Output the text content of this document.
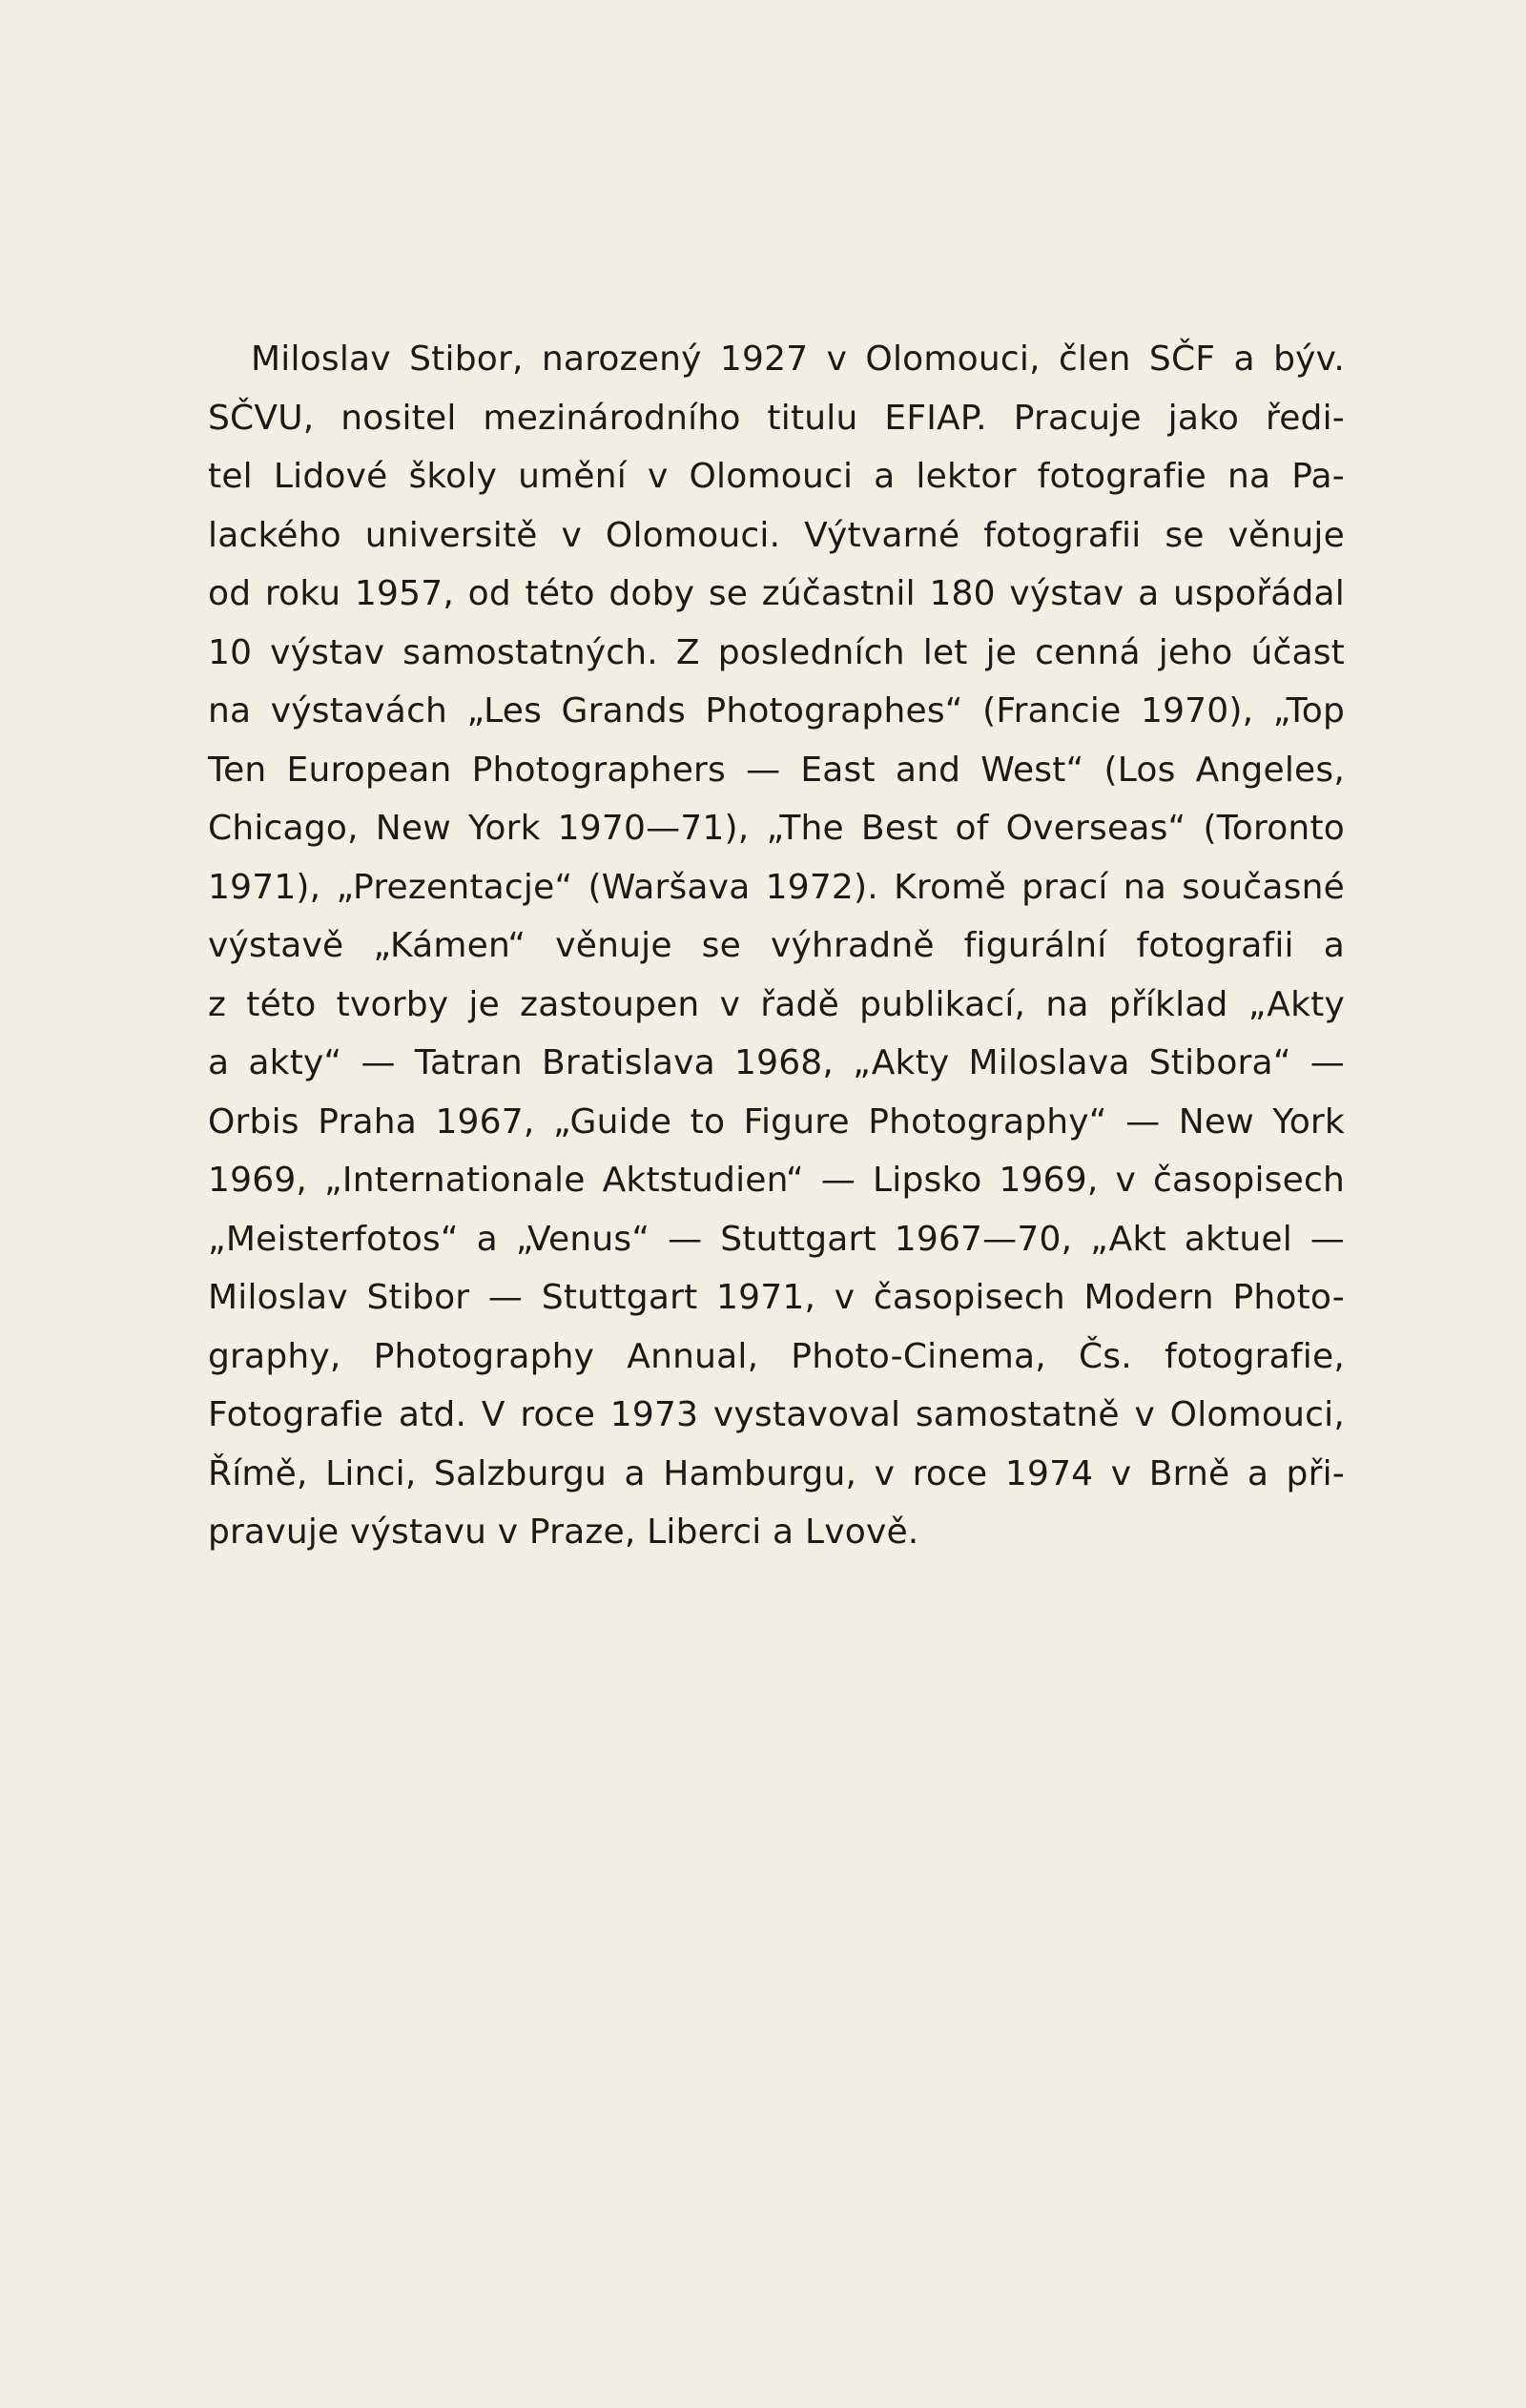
Miloslav Stibor, narozený 1927 v Olomouci, člen SČF a býv.
SČVU, nositel mezinárodního titulu EFIAP. Pracuje jako ředi-
tel Lidové školy umění v Olomouci a lektor fotografie na Pa-
lackého universitě v Olomouci. Výtvarné fotografii se věnuje
od roku 1957, od této doby se zúčastnil 180 výstav a uspořádal
10 výstav samostatných. Z posledních let je cenná jeho účast
na výstavách „Les Grands Photographes“ (Francie 1970), „Top
Ten European Photographers — East and West“ (Los Angeles,
Chicago, New York 1970—71), „The Best of Overseas“ (Toronto
1971), „Prezentacje“ (Waršava 1972). Kromě prací na současné
výstavě „Kámen“ věnuje se výhradně figurální fotografii a
z této tvorby je zastoupen v řadě publikací, na příklad „Akty
a akty“ — Tatran Bratislava 1968, „Akty Miloslava Stibora“ —
Orbis Praha 1967, „Guide to Figure Photography“ — New York
1969, „Internationale Aktstudien“ — Lipsko 1969, v časopisech
„Meisterfotos“ a „Venus“ — Stuttgart 1967—70, „Akt aktuel —
Miloslav Stibor — Stuttgart 1971, v časopisech Modern Photo-
graphy, Photography Annual, Photo-Cinema, Čs. fotografie,
Fotografie atd. V roce 1973 vystavoval samostatně v Olomouci,
Římě, Linci, Salzburgu a Hamburgu, v roce 1974 v Brně a při-
pravuje výstavu v Praze, Liberci a Lvově.
